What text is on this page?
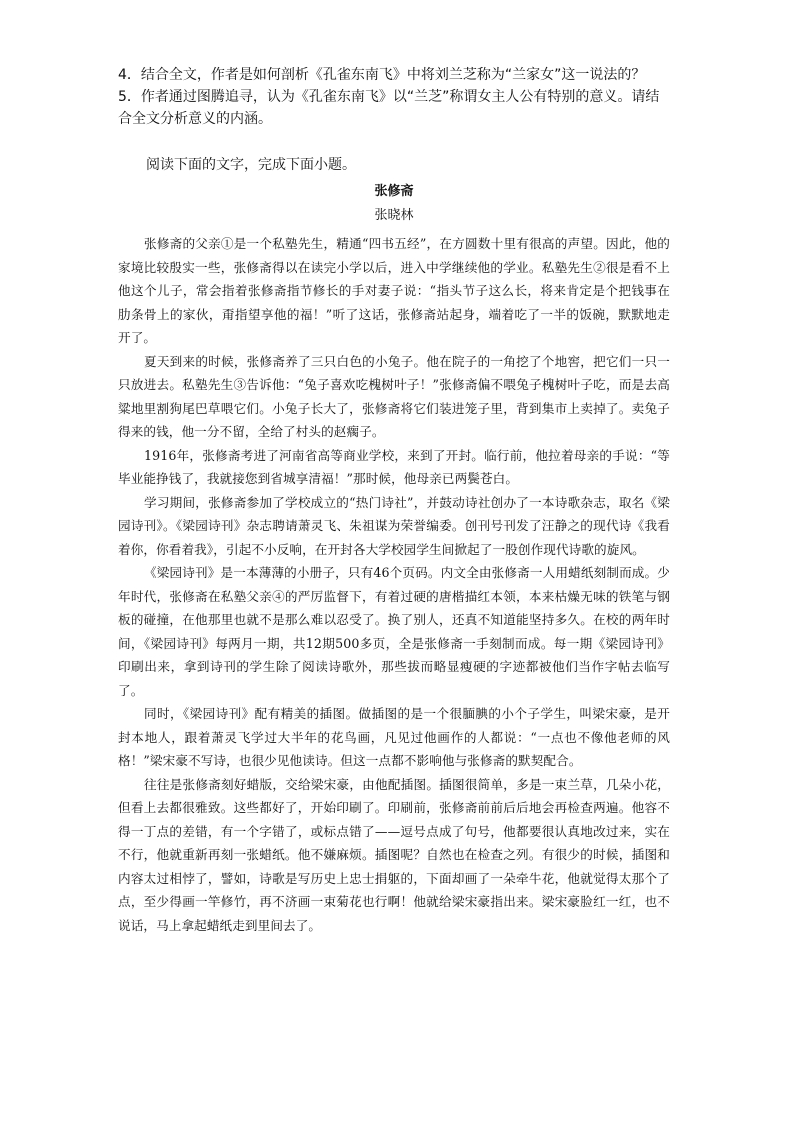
4．结合全文，作者是如何剖析《孔雀东南飞》中将刘兰芝称为“兰家女”这一说法的？

5．作者通过图腾追寻，认为《孔雀东南飞》以“兰芝”称谓女主人公有特别的意义。请结合全文分析意义的内涵。

阅读下面的文字，完成下面小题。

张修斋
张晓林

张修斋的父亲①是一个私塾先生，精通“四书五经”，在方圆数十里有很高的声望。因此，他的家境比较殷实一些，张修斋得以在读完小学以后，进入中学继续他的学业。私塾先生②很是看不上他这个儿子，常会指着张修斋指节修长的手对妻子说：“指头节子这么长，将来肯定是个把钱事在肋条骨上的家伙，甭指望享他的福！”听了这话，张修斋站起身，端着吃了一半的饭碗，默默地走开了。

夏天到来的时候，张修斋养了三只白色的小兔子。他在院子的一角挖了个地窖，把它们一只一只放进去。私塾先生③告诉他：“兔子喜欢吃槐树叶子！”张修斋偏不喂兔子槐树叶子吃，而是去高粱地里割狗尾巴草喂它们。小兔子长大了，张修斋将它们装进笼子里，背到集市上卖掉了。卖兔子得来的钱，他一分不留，全给了村头的赵瘸子。

1916年，张修斋考进了河南省高等商业学校，来到了开封。临行前，他拉着母亲的手说：“等毕业能挣钱了，我就接您到省城享清福！”那时候，他母亲已两鬓苍白。

学习期间，张修斋参加了学校成立的“热门诗社”，并鼓动诗社创办了一本诗歌杂志，取名《梁园诗刊》。《梁园诗刊》杂志聘请萧灵飞、朱祖谋为荣誉编委。创刊号刊发了汪静之的现代诗《我看着你，你看着我》，引起不小反响，在开封各大学校园学生间掀起了一股创作现代诗歌的旋风。

《梁园诗刊》是一本薄薄的小册子，只有46个页码。内文全由张修斋一人用蜡纸刻制而成。少年时代，张修斋在私塾父亲④的严厉监督下，有着过硬的唐楷描红本领，本来枯燥无味的铁笔与钢板的碰撞，在他那里也就不是那么难以忍受了。换了别人，还真不知道能坚持多久。在校的两年时间，《梁园诗刊》每两月一期，共12期500多页，全是张修斋一手刻制而成。每一期《梁园诗刊》印刷出来，拿到诗刊的学生除了阅读诗歌外，那些拔而略显瘦硬的字迹都被他们当作字帖去临写了。

同时，《梁园诗刊》配有精美的插图。做插图的是一个很腼腆的小个子学生，叫梁宋豪，是开封本地人，跟着萧灵飞学过大半年的花鸟画，凡见过他画作的人都说：“一点也不像他老师的风格！”梁宋豪不写诗，也很少见他读诗。但这一点都不影响他与张修斋的默契配合。

往往是张修斋刻好蜡版，交给梁宋豪，由他配插图。插图很简单，多是一束兰草，几朵小花，但看上去都很雅致。这些都好了，开始印刷了。印刷前，张修斋前前后后地会再检查两遍。他容不得一丁点的差错，有一个字错了，或标点错了——逗号点成了句号，他都要很认真地改过来，实在不行，他就重新再刻一张蜡纸。他不嫌麻烦。插图呢？自然也在检查之列。有很少的时候，插图和内容太过相悖了，譬如，诗歌是写历史上忠士捐躯的，下面却画了一朵牵牛花，他就觉得太那个了点，至少得画一竿修竹，再不济画一束菊花也行啊！他就给梁宋豪指出来。梁宋豪脸红一红，也不说话，马上拿起蜡纸走到里间去了。
